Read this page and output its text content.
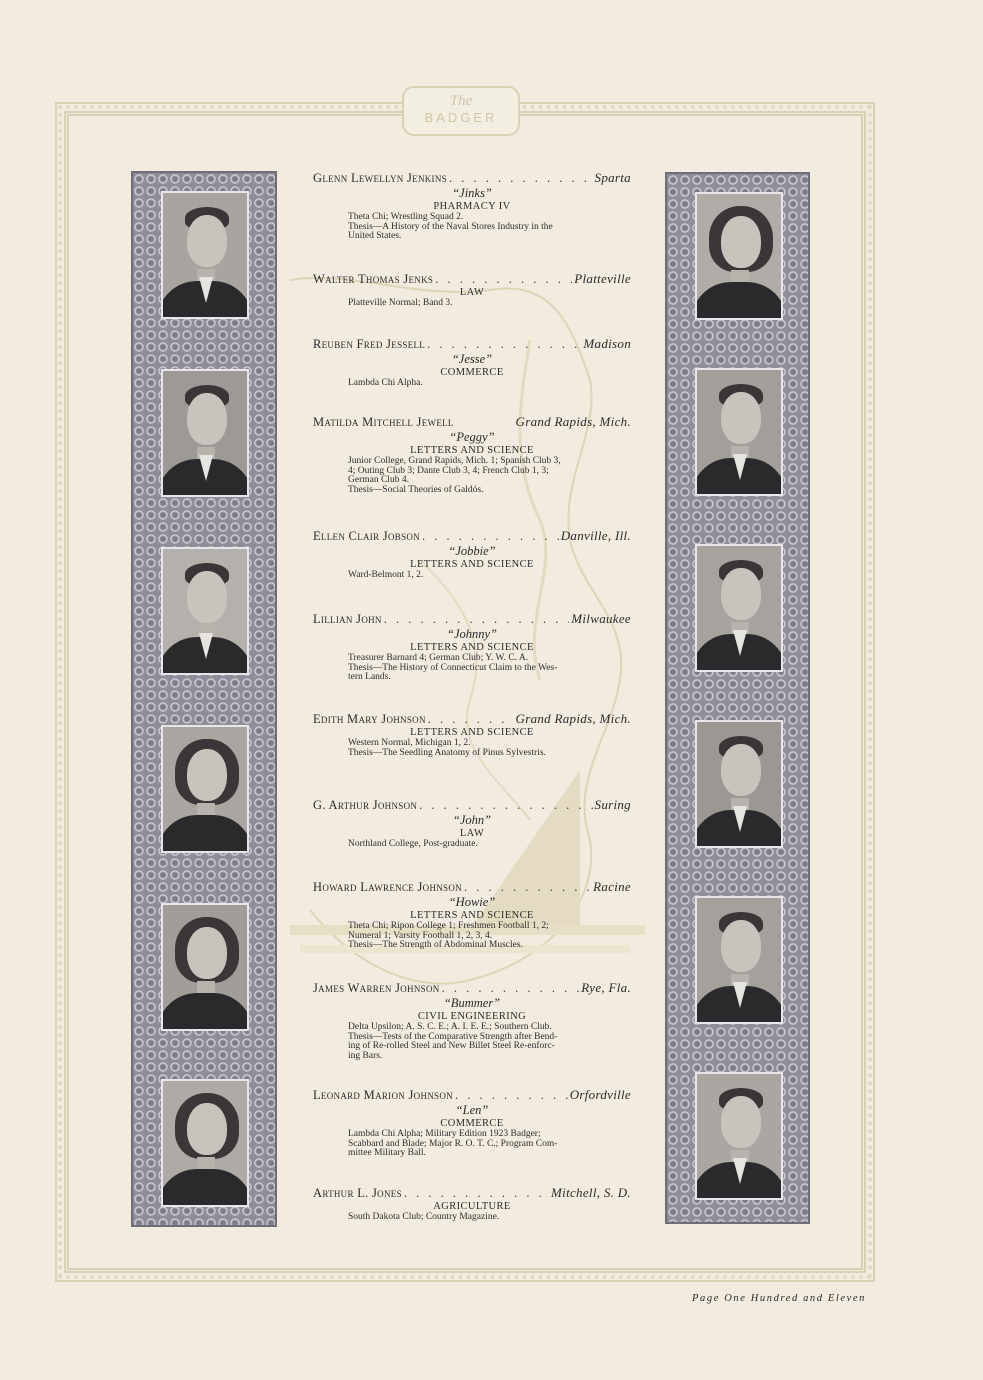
The
BADGER
Glenn Lewellyn Jenkins . . .	Sparta
“Jinks”
PHARMACY IV
Theta Chi; Wrestling Squad 2.
Thesis—A History of the Naval Stores Industry in the
United States.
Walter Thomas Jenks . . .	Platteville
LAW
Platteville Normal; Band 3.
Reuben Fred Jessell . . .	Madison
“Jesse”
COMMERCE
Lambda Chi Alpha.
Matilda Mitchell Jewell	Grand Rapids, Mich.
“Peggy”
LETTERS AND SCIENCE
Junior College, Grand Rapids, Mich. 1; Spanish Club 3,
4; Outing Club 3; Dante Club 3, 4; French Club 1, 3;
German Club 4.
Thesis—Social Theories of Galdós.
Ellen Clair Jobson . . .	Danville, Ill.
“Jobbie”
LETTERS AND SCIENCE
Ward-Belmont 1, 2.
Lillian John . . .	Milwaukee
“Johnny”
LETTERS AND SCIENCE
Treasurer Barnard 4; German Club; Y. W. C. A.
Thesis—The History of Connecticut Claim to the Wes-
tern Lands.
Edith Mary Johnson . . .	Grand Rapids, Mich.
LETTERS AND SCIENCE
Western Normal, Michigan 1, 2.
Thesis—The Seedling Anatomy of Pinus Sylvestris.
G. Arthur Johnson . . .	Suring
“John”
LAW
Northland College, Post-graduate.
Howard Lawrence Johnson . . .	Racine
“Howie”
LETTERS AND SCIENCE
Theta Chi; Ripon College 1; Freshmen Football 1, 2;
Numeral 1; Varsity Football 1, 2, 3, 4.
Thesis—The Strength of Abdominal Muscles.
James Warren Johnson . . .	Rye, Fla.
“Bummer”
CIVIL ENGINEERING
Delta Upsilon; A. S. C. E.; A. I. E. E.; Southern Club.
Thesis—Tests of the Comparative Strength after Bend-
ing of Re-rolled Steel and New Billet Steel Re-enforc-
ing Bars.
Leonard Marion Johnson . . .	Orfordville
“Len”
COMMERCE
Lambda Chi Alpha; Military Edition 1923 Badger;
Scabbard and Blade; Major R. O. T. C.; Program Com-
mittee Military Ball.
Arthur L. Jones . . .	Mitchell, S. D.
AGRICULTURE
South Dakota Club; Country Magazine.
Page One Hundred and Eleven
